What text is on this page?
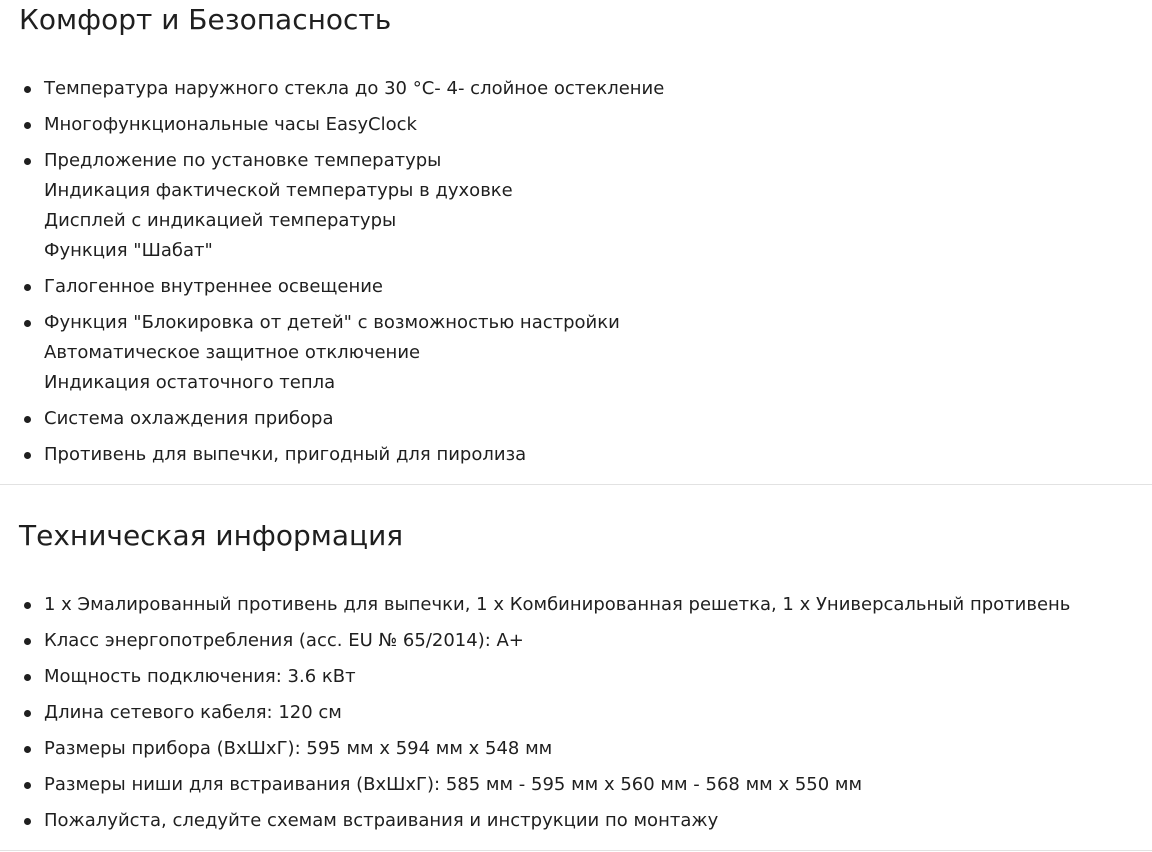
Комфорт и Безопасность
Температура наружного стекла до 30 °C- 4- слойное остекление
Многофункциональные часы EasyClock
Предложение по установке температуры
Индикация фактической температуры в духовке
Дисплей с индикацией температуры
Функция "Шабат"
Галогенное внутреннее освещение
Функция "Блокировка от детей" с возможностью настройки
Автоматическое защитное отключение
Индикация остаточного тепла
Система охлаждения прибора
Противень для выпечки, пригодный для пиролиза
Техническая информация
1 x Эмалированный противень для выпечки, 1 x Комбинированная решетка, 1 x Универсальный противень
Класс энергопотребления (acc. EU № 65/2014): A+
Мощность подключения: 3.6 кВт
Длина сетевого кабеля: 120 см
Размеры прибора (ВхШхГ): 595 мм x 594 мм x 548 мм
Размеры ниши для встраивания (ВхШхГ): 585 мм - 595 мм x 560 мм - 568 мм x 550 мм
Пожалуйста, следуйте схемам встраивания и инструкции по монтажу
